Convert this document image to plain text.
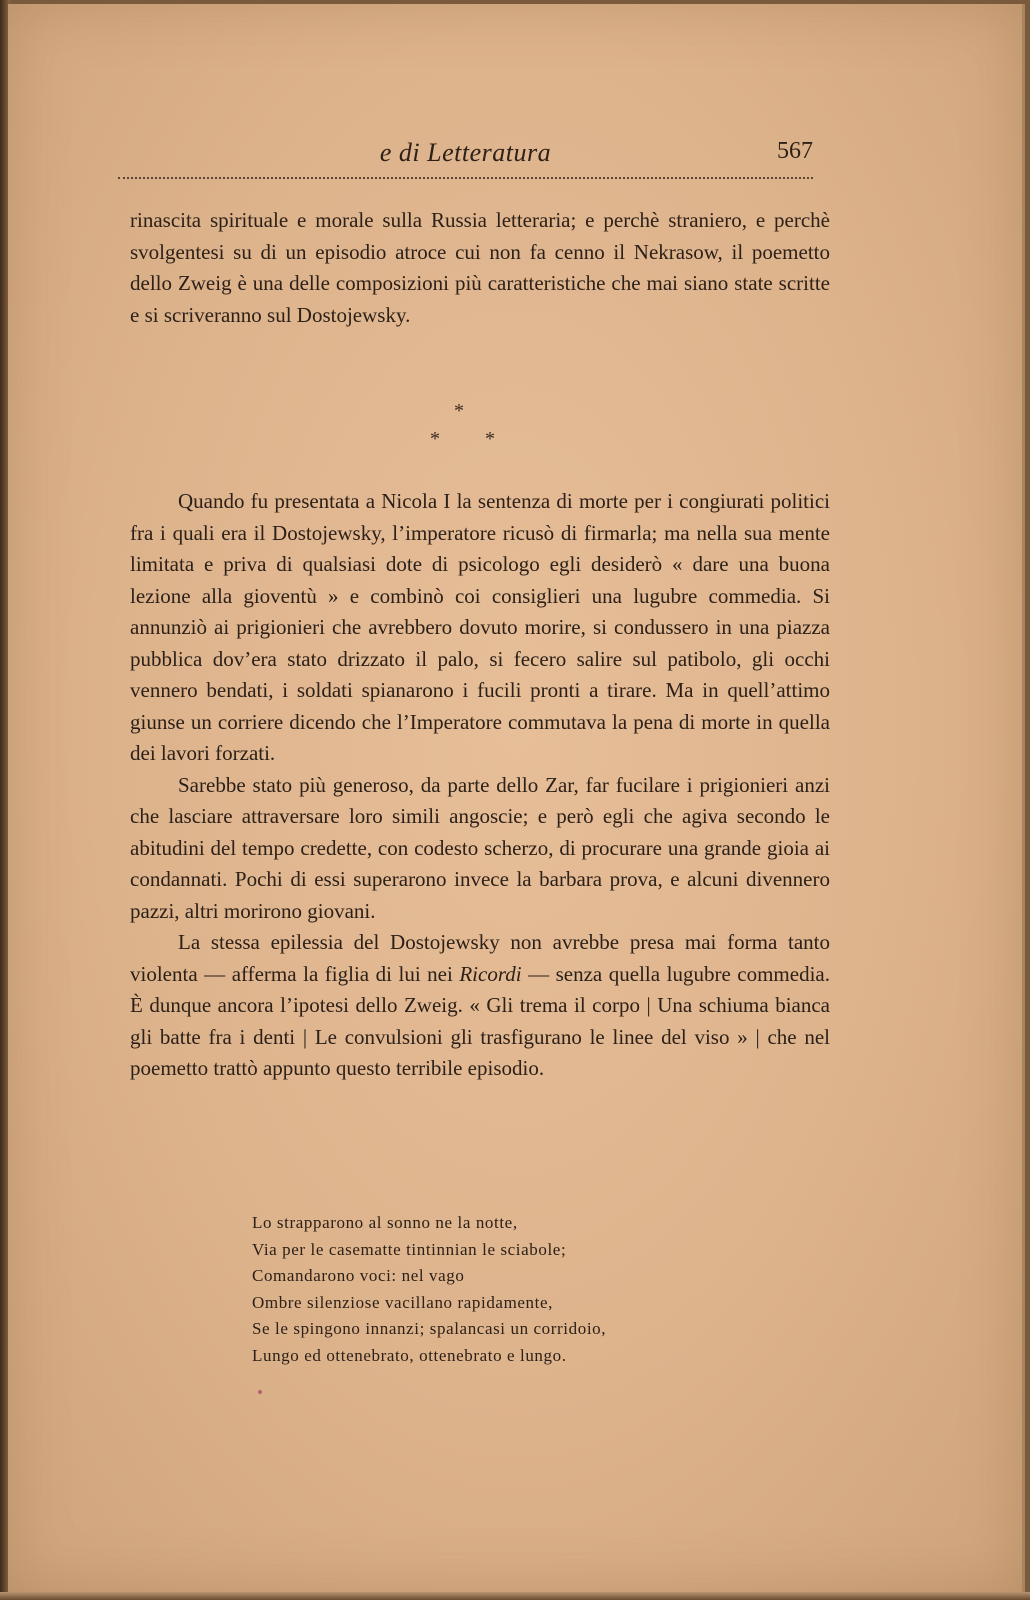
e di Letteratura	567

rinascita spirituale e morale sulla Russia letteraria; e perchè straniero, e perchè svolgentesi su di un episodio atroce cui non fa cenno il Nekrasow, il poemetto dello Zweig è una delle composizioni più caratteristiche che mai siano state scritte e si scriveranno sul Dostojewsky.

*
* *

Quando fu presentata a Nicola I la sentenza di morte per i congiurati politici fra i quali era il Dostojewsky, l’imperatore ricusò di firmarla; ma nella sua mente limitata e priva di qualsiasi dote di psicologo egli desiderò « dare una buona lezione alla gioventù » e combinò coi consiglieri una lugubre commedia. Si annunziò ai prigionieri che avrebbero dovuto morire, si condussero in una piazza pubblica dov’era stato drizzato il palo, si fecero salire sul patibolo, gli occhi vennero bendati, i soldati spianarono i fucili pronti a tirare. Ma in quell’attimo giunse un corriere dicendo che l’Imperatore commutava la pena di morte in quella dei lavori forzati.

Sarebbe stato più generoso, da parte dello Zar, far fucilare i prigionieri anzi che lasciare attraversare loro simili angoscie; e però egli che agiva secondo le abitudini del tempo credette, con codesto scherzo, di procurare una grande gioia ai condannati. Pochi di essi superarono invece la barbara prova, e alcuni divennero pazzi, altri morirono giovani.

La stessa epilessia del Dostojewsky non avrebbe presa mai forma tanto violenta — afferma la figlia di lui nei Ricordi — senza quella lugubre commedia. È dunque ancora l’ipotesi dello Zweig. « Gli trema il corpo | Una schiuma bianca gli batte fra i denti | Le convulsioni gli trasfigurano le linee del viso » | che nel poemetto trattò appunto questo terribile episodio.

Lo strapparono al sonno ne la notte,
Via per le casematte tintinnian le sciabole;
Comandarono voci: nel vago
Ombre silenziose vacillano rapidamente,
Se le spingono innanzi; spalancasi un corridoio,
Lungo ed ottenebrato, ottenebrato e lungo.
